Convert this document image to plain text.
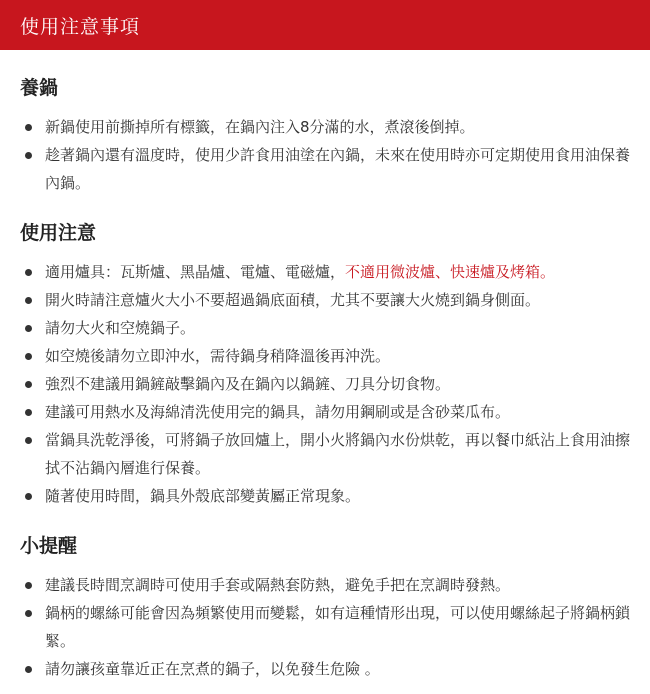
使用注意事項
養鍋
新鍋使用前撕掉所有標籤，在鍋內注入8分滿的水，煮滾後倒掉。
趁著鍋內還有溫度時，使用少許食用油塗在內鍋，未來在使用時亦可定期使用食用油保養內鍋。
使用注意
適用爐具：瓦斯爐、黑晶爐、電爐、電磁爐，不適用微波爐、快速爐及烤箱。
開火時請注意爐火大小不要超過鍋底面積，尤其不要讓大火燒到鍋身側面。
請勿大火和空燒鍋子。
如空燒後請勿立即沖水，需待鍋身稍降溫後再沖洗。
強烈不建議用鍋鏟敲擊鍋內及在鍋內以鍋鏟、刀具分切食物。
建議可用熱水及海綿清洗使用完的鍋具，請勿用鋼刷或是含砂菜瓜布。
當鍋具洗乾淨後，可將鍋子放回爐上，開小火將鍋內水份烘乾，再以餐巾紙沾上食用油擦拭不沾鍋內層進行保養。
隨著使用時間，鍋具外殼底部變黃屬正常現象。
小提醒
建議長時間烹調時可使用手套或隔熱套防熱，避免手把在烹調時發熱。
鍋柄的螺絲可能會因為頻繁使用而變鬆，如有這種情形出現，可以使用螺絲起子將鍋柄鎖緊。
請勿讓孩童靠近正在烹煮的鍋子，以免發生危險 。
